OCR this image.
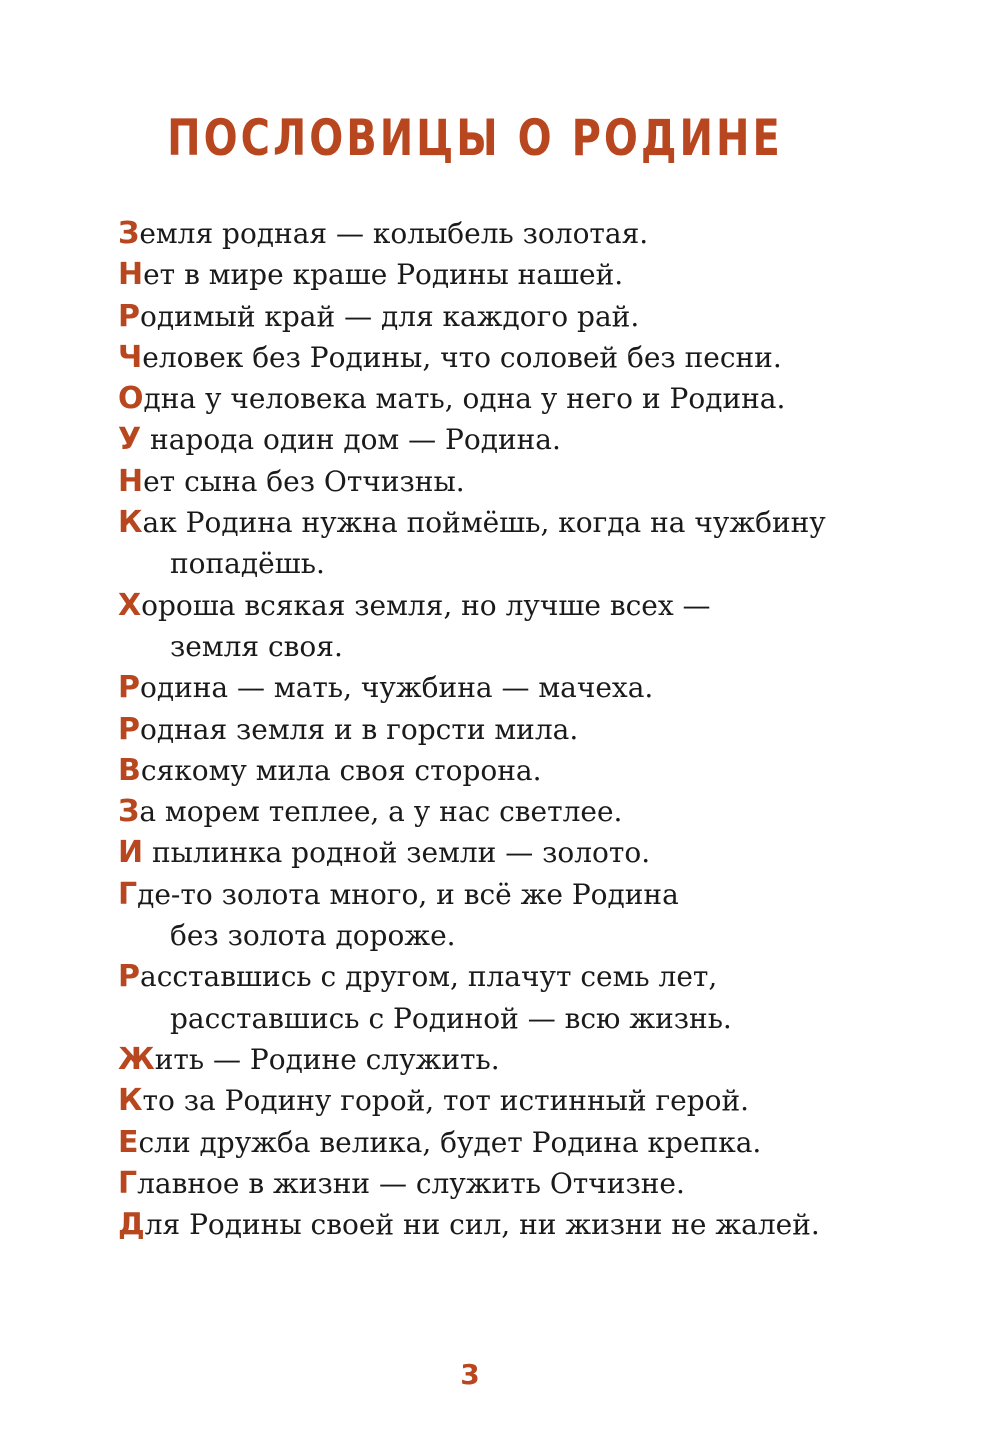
ПОСЛОВИЦЫ О РОДИНЕ
Земля родная — колыбель золотая.
Нет в мире краше Родины нашей.
Родимый край — для каждого рай.
Человек без Родины, что соловей без песни.
Одна у человека мать, одна у него и Родина.
У народа один дом — Родина.
Нет сына без Отчизны.
Как Родина нужна поймёшь, когда на чужбину
попадёшь.
Хороша всякая земля, но лучше всех —
земля своя.
Родина — мать, чужбина — мачеха.
Родная земля и в горсти мила.
Всякому мила своя сторона.
За морем теплее, а у нас светлее.
И пылинка родной земли — золото.
Где-то золота много, и всё же Родина
без золота дороже.
Расставшись с другом, плачут семь лет,
расставшись с Родиной — всю жизнь.
Жить — Родине служить.
Кто за Родину горой, тот истинный герой.
Если дружба велика, будет Родина крепка.
Главное в жизни — служить Отчизне.
Для Родины своей ни сил, ни жизни не жалей.
3
